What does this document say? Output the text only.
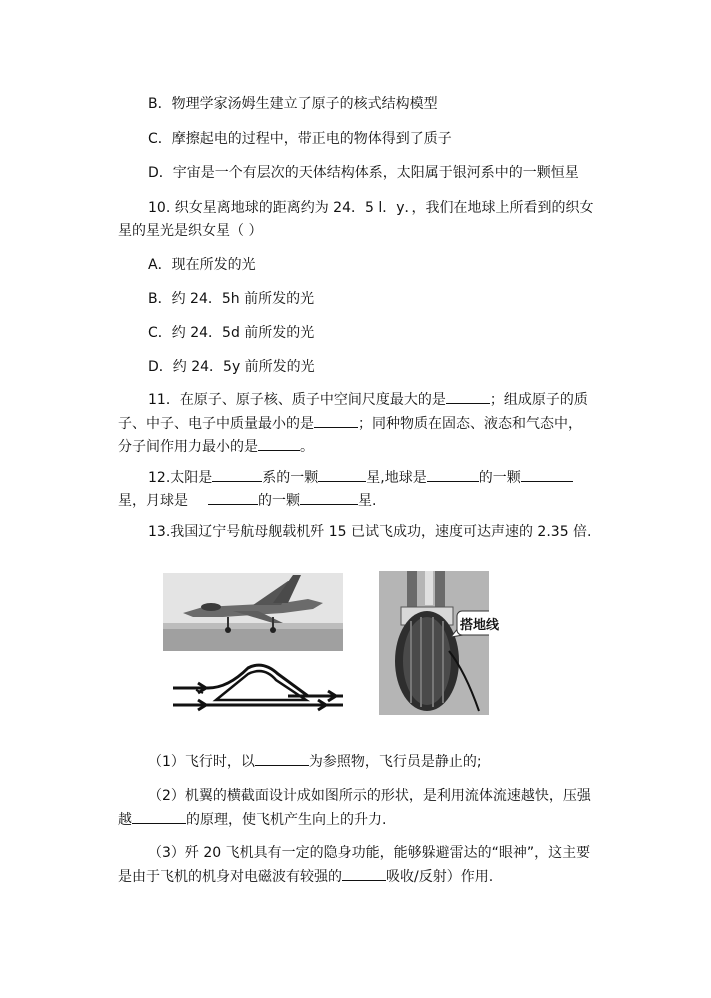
B．物理学家汤姆生建立了原子的核式结构模型
C．摩擦起电的过程中，带正电的物体得到了质子
D．宇宙是一个有层次的天体结构体系，太阳属于银河系中的一颗恒星
10. 织女星离地球的距离约为 24．5 l．y．，我们在地球上所看到的织女
星的星光是织女星（ ）
A．现在所发的光
B．约 24．5h 前所发的光
C．约 24．5d 前所发的光
D．约 24．5y 前所发的光
11．在原子、原子核、质子中空间尺度最大的是	；组成原子的质
子、中子、电子中质量最小的是	；同种物质在固态、液态和气态中，
分子间作用力最小的是	。
12.太阳是	系的一颗	星,地球是	的一颗
星，月球是	的一颗	星.
13.我国辽宁号航母舰载机歼 15 已试飞成功，速度可达声速的 2.35 倍.
搭地线
（1）飞行时，以	为参照物，飞行员是静止的;
（2）机翼的横截面设计成如图所示的形状，是利用流体流速越快，压强
越	的原理，使飞机产生向上的升力.
（3）歼 20 飞机具有一定的隐身功能，能够躲避雷达的“眼神”，这主要
是由于飞机的机身对电磁波有较强的	吸收/反射）作用.
